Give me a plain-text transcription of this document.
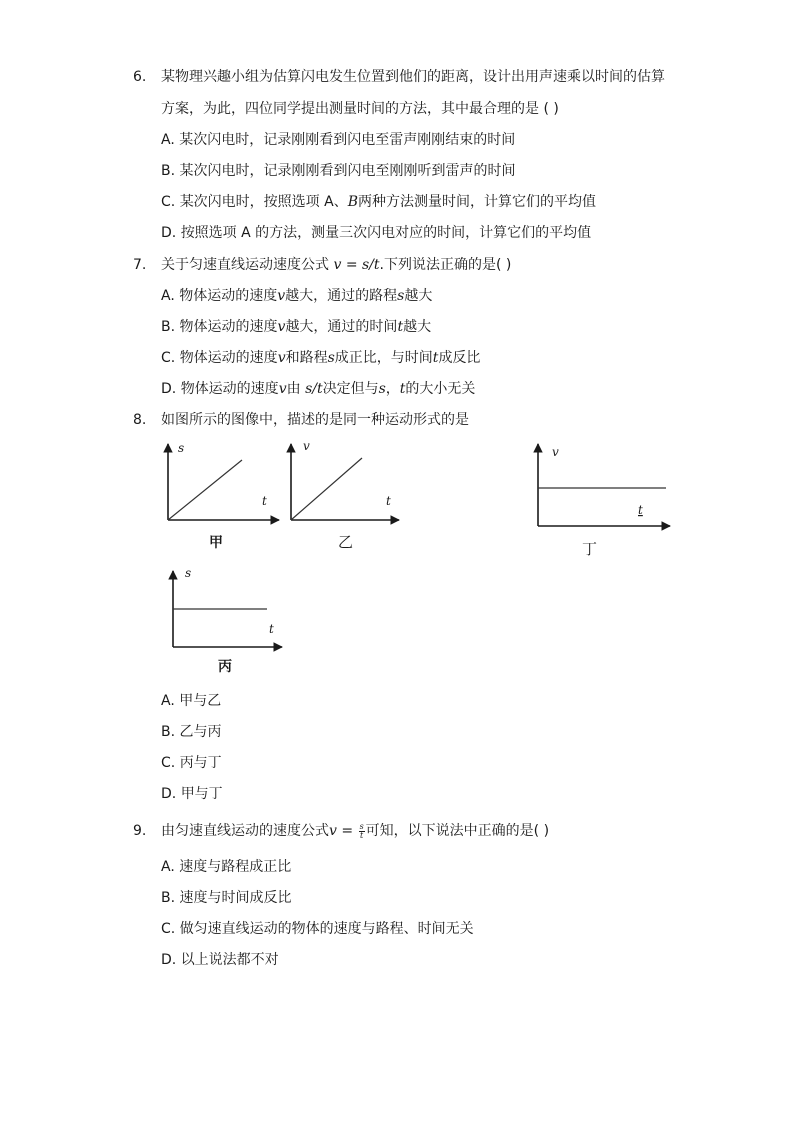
6. 某物理兴趣小组为估算闪电发生位置到他们的距离，设计出用声速乘以时间的估算
方案，为此，四位同学提出测量时间的方法，其中最合理的是 ( )
A. 某次闪电时，记录刚刚看到闪电至雷声刚刚结束的时间
B. 某次闪电时，记录刚刚看到闪电至刚刚听到雷声的时间
C. 某次闪电时，按照选项 A、B两种方法测量时间，计算它们的平均值
D. 按照选项 A 的方法，测量三次闪电对应的时间，计算它们的平均值
7. 关于匀速直线运动速度公式 v = s/t.下列说法正确的是( )
A. 物体运动的速度v越大，通过的路程s越大
B. 物体运动的速度v越大，通过的时间t越大
C. 物体运动的速度v和路程s成正比，与时间t成反比
D. 物体运动的速度v由 s/t决定但与s，t的大小无关
8. 如图所示的图像中，描述的是同一种运动形式的是
s
t
甲
v
t
乙
v
t
丁
s
t
丙
A. 甲与乙
B. 乙与丙
C. 丙与丁
D. 甲与丁
9. 由匀速直线运动的速度公式$v = \frac{s}{t}$ 可知，以下说法中正确的是( )
A. 速度与路程成正比
B. 速度与时间成反比
C. 做匀速直线运动的物体的速度与路程、时间无关
D. 以上说法都不对
